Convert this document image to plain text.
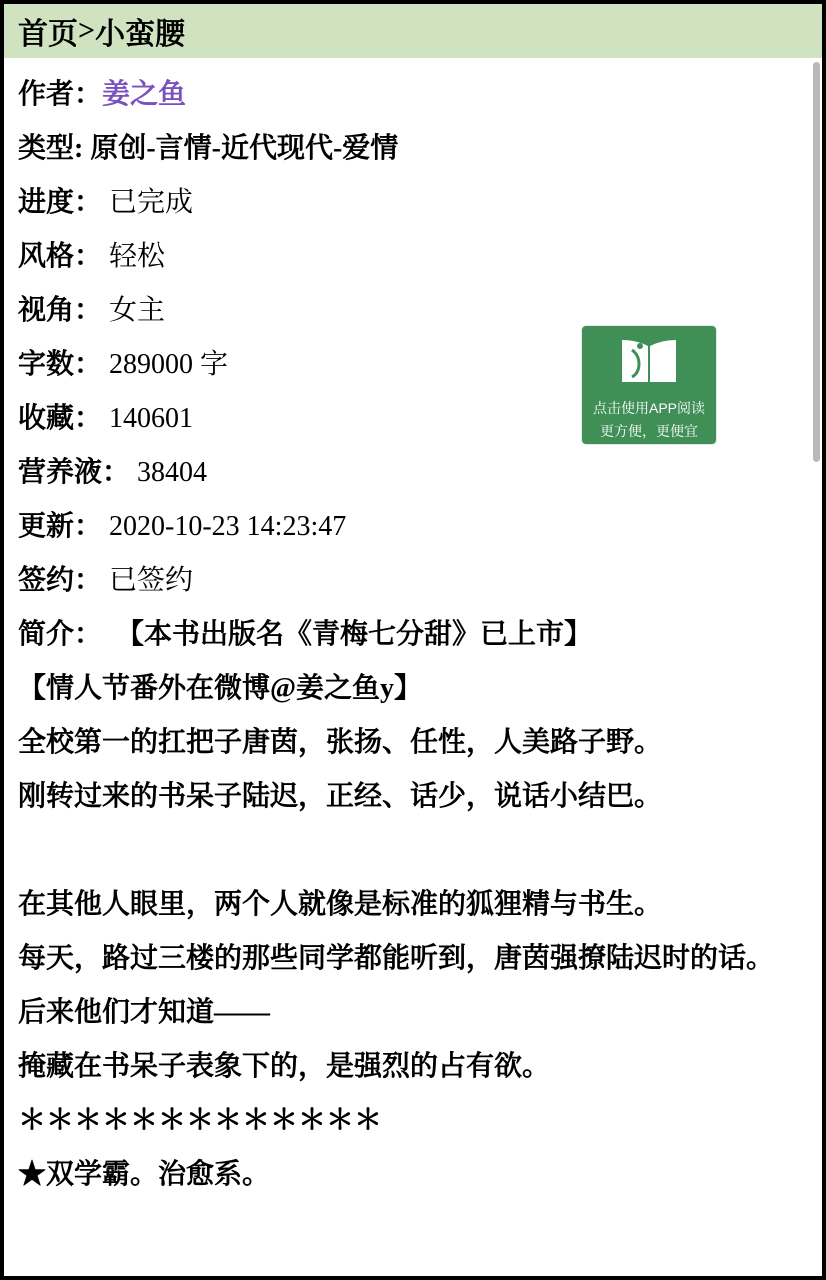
首页 > 小蛮腰
点击使用APP阅读
更方便，更便宜
作者：姜之鱼
类型: 原创-言情-近代现代-爱情
进度： 已完成
风格： 轻松
视角： 女主
字数： 289000 字
收藏： 140601
营养液： 38404
更新： 2020-10-23 14:23:47
签约： 已签约
简介： 【本书出版名《青梅七分甜》已上市】

【情人节番外在微博@姜之鱼y】

全校第一的扛把子唐茵，张扬、任性，人美路子野。

刚转过来的书呆子陆迟，正经、话少，说话小结巴。

在其他人眼里，两个人就像是标准的狐狸精与书生。

每天，路过三楼的那些同学都能听到，唐茵强撩陆迟时的话。

后来他们才知道——

掩藏在书呆子表象下的，是强烈的占有欲。

＊＊＊＊＊＊＊＊＊＊＊＊＊

★双学霸。治愈系。
